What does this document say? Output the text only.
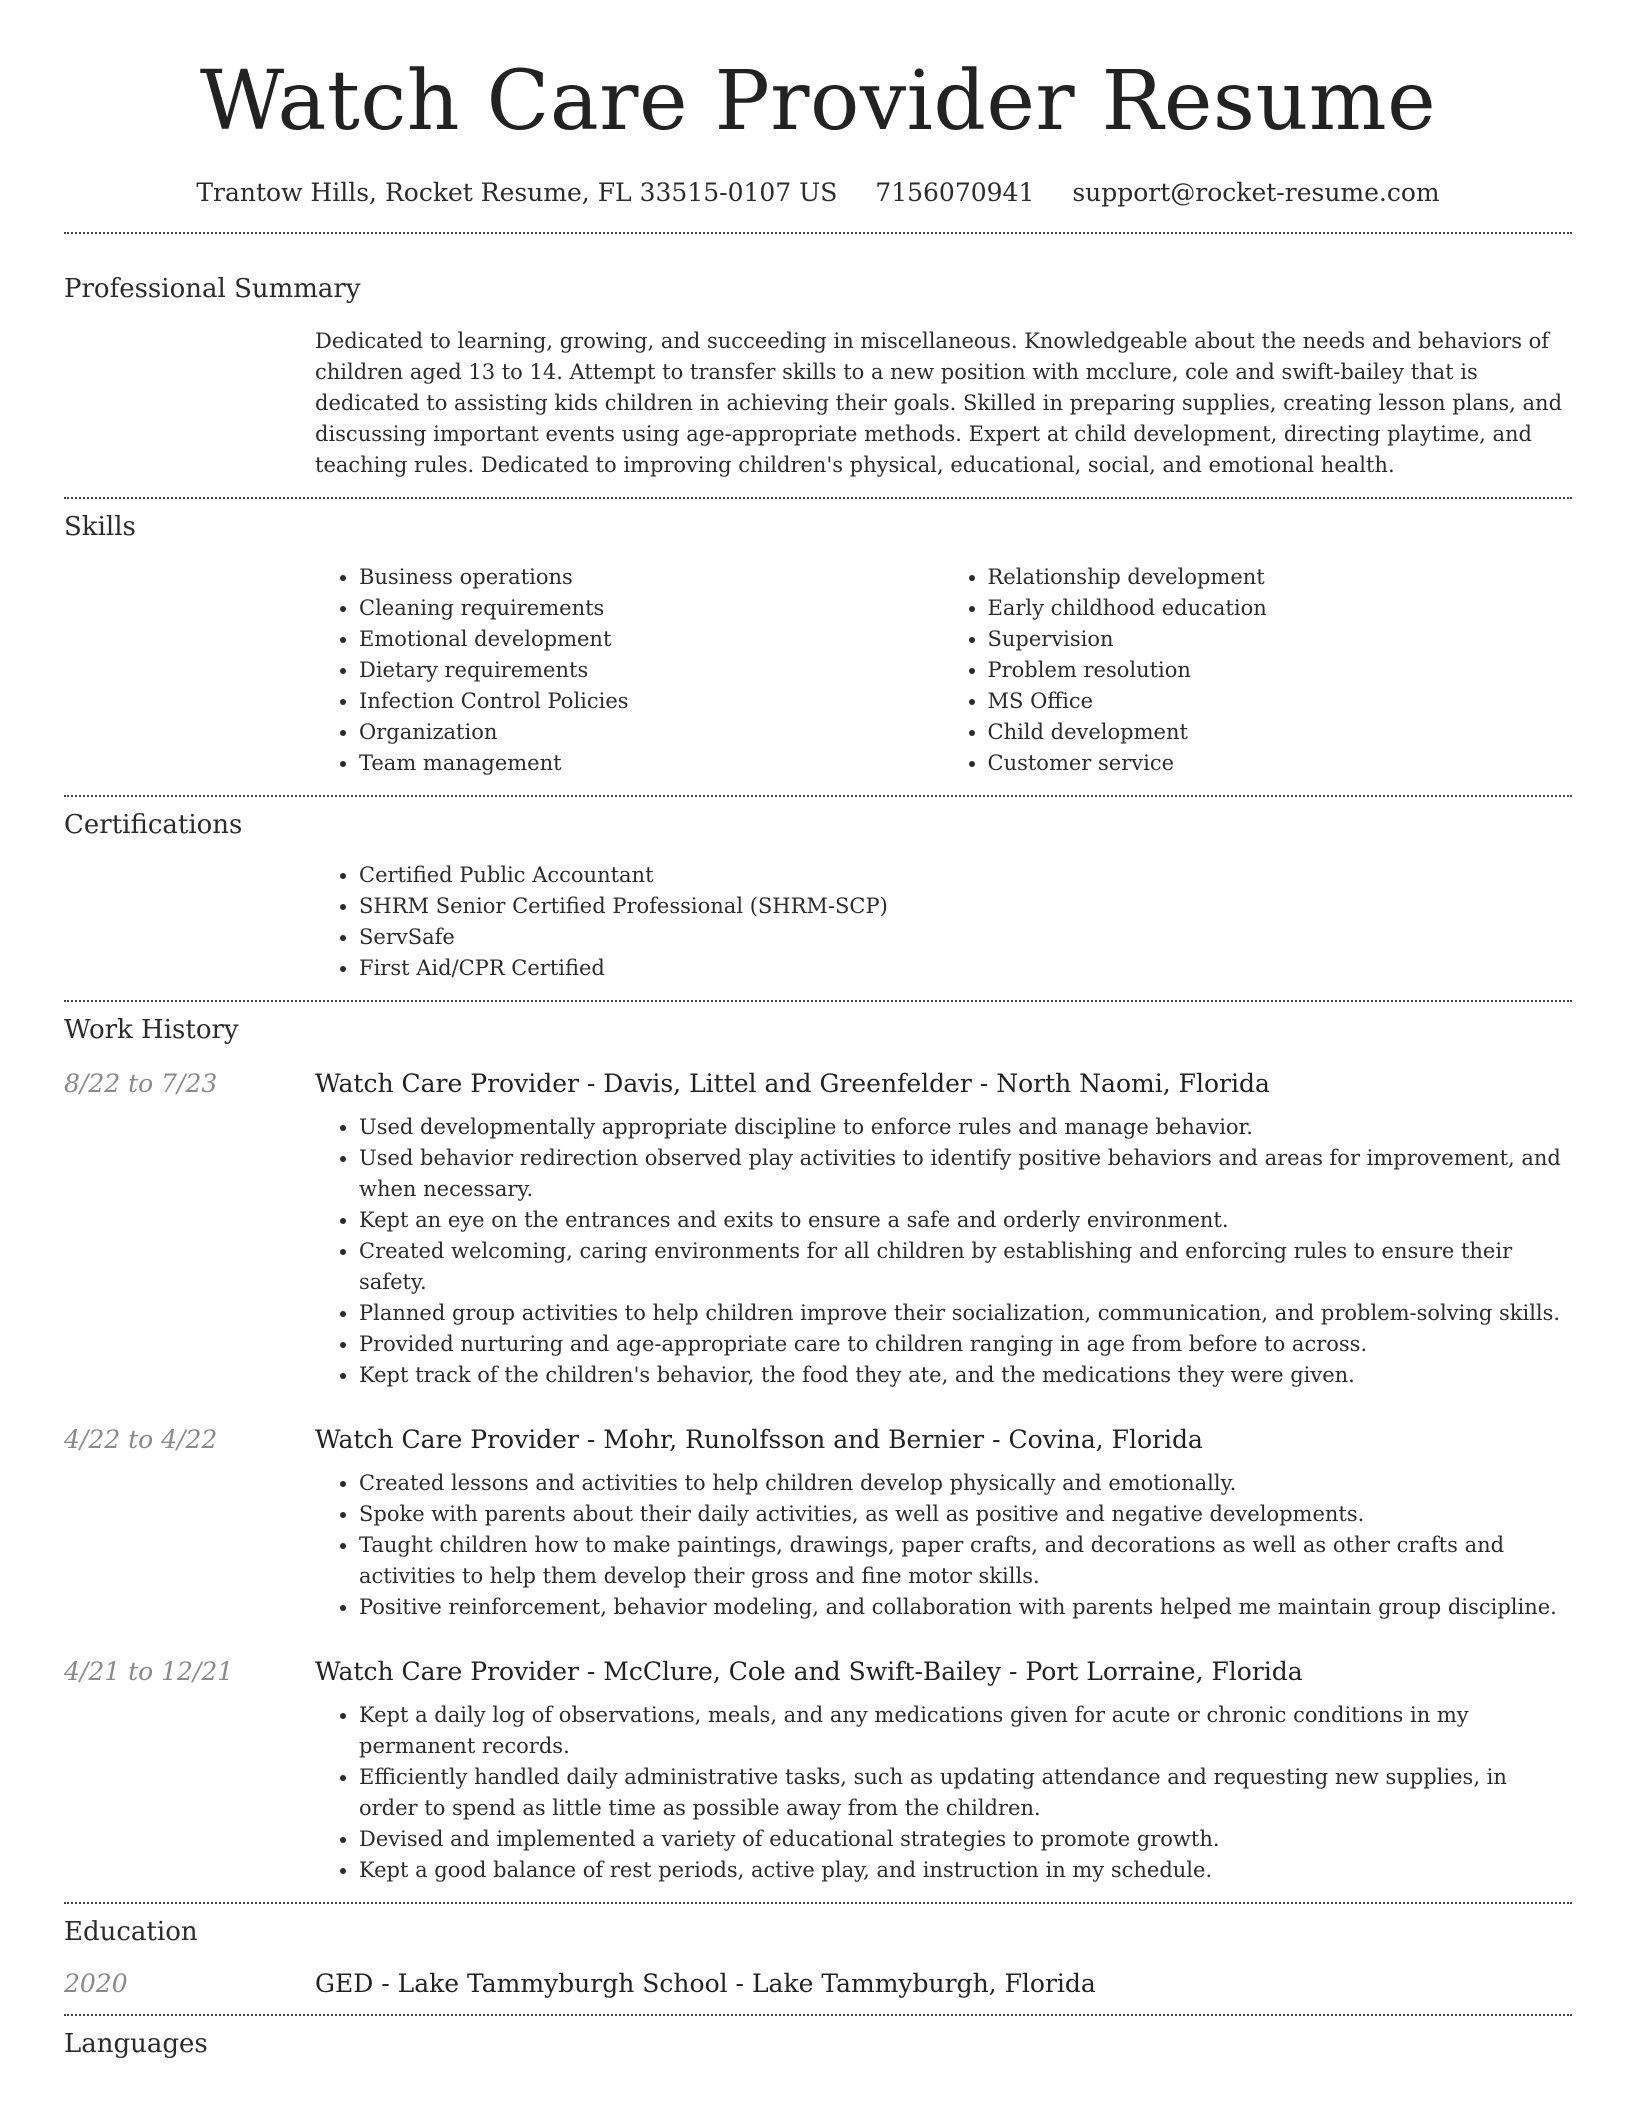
Watch Care Provider Resume
Trantow Hills, Rocket Resume, FL 33515-0107 US 7156070941 support@rocket-resume.com
Professional Summary
Dedicated to learning, growing, and succeeding in miscellaneous. Knowledgeable about the needs and behaviors of children aged 13 to 14. Attempt to transfer skills to a new position with mcclure, cole and swift-bailey that is dedicated to assisting kids children in achieving their goals. Skilled in preparing supplies, creating lesson plans, and discussing important events using age-appropriate methods. Expert at child development, directing playtime, and teaching rules. Dedicated to improving children's physical, educational, social, and emotional health.
Skills
• Business operations
• Cleaning requirements
• Emotional development
• Dietary requirements
• Infection Control Policies
• Organization
• Team management
• Relationship development
• Early childhood education
• Supervision
• Problem resolution
• MS Office
• Child development
• Customer service
Certifications
• Certified Public Accountant
• SHRM Senior Certified Professional (SHRM-SCP)
• ServSafe
• First Aid/CPR Certified
Work History
8/22 to 7/23	Watch Care Provider - Davis, Littel and Greenfelder - North Naomi, Florida
• Used developmentally appropriate discipline to enforce rules and manage behavior.
• Used behavior redirection observed play activities to identify positive behaviors and areas for improvement, and when necessary.
• Kept an eye on the entrances and exits to ensure a safe and orderly environment.
• Created welcoming, caring environments for all children by establishing and enforcing rules to ensure their safety.
• Planned group activities to help children improve their socialization, communication, and problem-solving skills.
• Provided nurturing and age-appropriate care to children ranging in age from before to across.
• Kept track of the children's behavior, the food they ate, and the medications they were given.
4/22 to 4/22	Watch Care Provider - Mohr, Runolfsson and Bernier - Covina, Florida
• Created lessons and activities to help children develop physically and emotionally.
• Spoke with parents about their daily activities, as well as positive and negative developments.
• Taught children how to make paintings, drawings, paper crafts, and decorations as well as other crafts and activities to help them develop their gross and fine motor skills.
• Positive reinforcement, behavior modeling, and collaboration with parents helped me maintain group discipline.
4/21 to 12/21	Watch Care Provider - McClure, Cole and Swift-Bailey - Port Lorraine, Florida
• Kept a daily log of observations, meals, and any medications given for acute or chronic conditions in my permanent records.
• Efficiently handled daily administrative tasks, such as updating attendance and requesting new supplies, in order to spend as little time as possible away from the children.
• Devised and implemented a variety of educational strategies to promote growth.
• Kept a good balance of rest periods, active play, and instruction in my schedule.
Education
2020	GED - Lake Tammyburgh School - Lake Tammyburgh, Florida
Languages
